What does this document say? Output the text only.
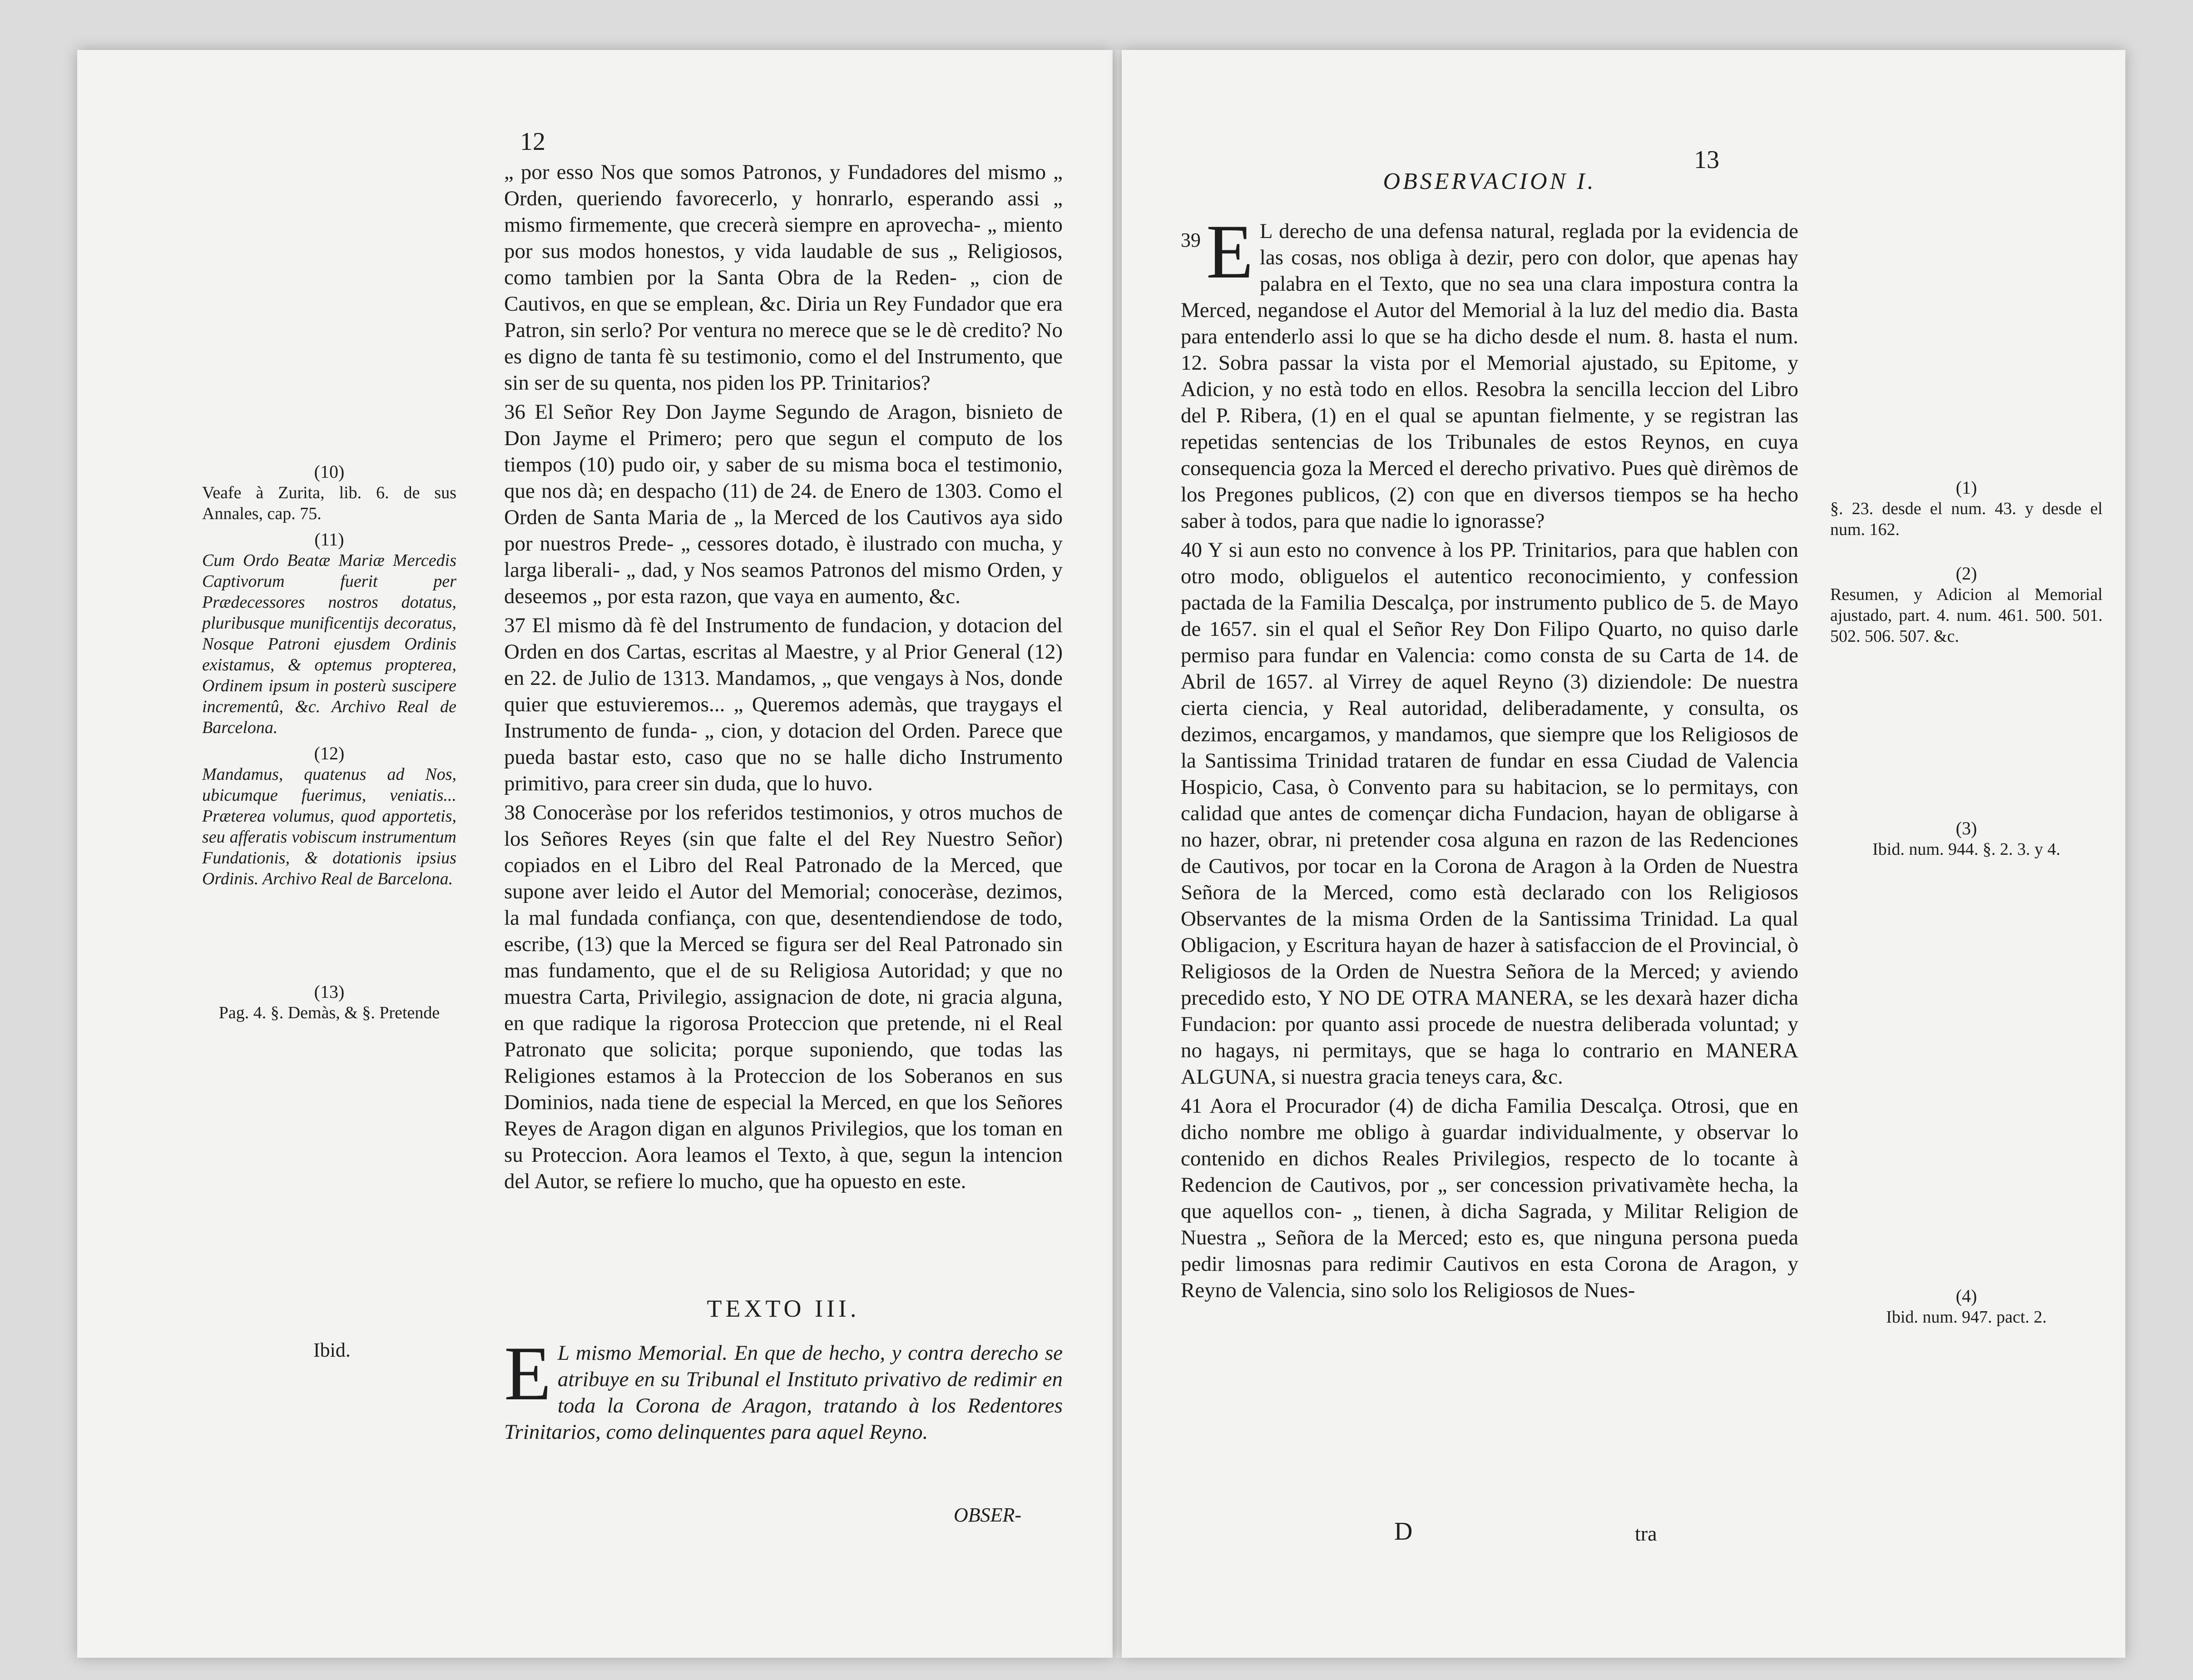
12
(10)
Veafe à Zurita, lib. 6. de sus Annales, cap. 75.
(11)
Cum Ordo Beatæ Mariæ Mercedis Captivorum fuerit per Prædecessores nostros dotatus, pluribusque munificentijs decoratus, Nosque Patroni ejusdem Ordinis existamus, & optemus propterea, Ordinem ipsum in posterù suscipere incrementû, &c. Archivo Real de Barcelona.
(12)
Mandamus, quatenus ad Nos, ubicumque fuerimus, veniatis... Præterea volumus, quod apportetis, seu afferatis vobiscum instrumentum Fundationis, & dotationis ipsius Ordinis. Archivo Real de Barcelona.
(13)
Pag. 4. §. Demàs, & §. Pretende
Ibid.

„ por esso Nos que somos Patronos, y Fundadores del mismo „ Orden, queriendo favorecerlo, y honrarlo, esperando assi „ mismo firmemente, que crecerà siempre en aprovecha- „ miento por sus modos honestos, y vida laudable de sus „ Religiosos, como tambien por la Santa Obra de la Reden- „ cion de Cautivos, en que se emplean, &c. Diria un Rey Fundador que era Patron, sin serlo? Por ventura no merece que se le dè credito? No es digno de tanta fè su testimonio, como el del Instrumento, que sin ser de su quenta, nos piden los PP. Trinitarios?

36 El Señor Rey Don Jayme Segundo de Aragon, bisnieto de Don Jayme el Primero; pero que segun el computo de los tiempos (10) pudo oir, y saber de su misma boca el testimonio, que nos dà; en despacho (11) de 24. de Enero de 1303. Como el Orden de Santa Maria de „ la Merced de los Cautivos aya sido por nuestros Prede- „ cessores dotado, è ilustrado con mucha, y larga liberali- „ dad, y Nos seamos Patronos del mismo Orden, y deseemos „ por esta razon, que vaya en aumento, &c.

37 El mismo dà fè del Instrumento de fundacion, y dotacion del Orden en dos Cartas, escritas al Maestre, y al Prior General (12) en 22. de Julio de 1313. Mandamos, „ que vengays à Nos, donde quier que estuvieremos... „ Queremos ademàs, que traygays el Instrumento de funda- „ cion, y dotacion del Orden. Parece que pueda bastar esto, caso que no se halle dicho Instrumento primitivo, para creer sin duda, que lo huvo.

38 Conoceràse por los referidos testimonios, y otros muchos de los Señores Reyes (sin que falte el del Rey Nuestro Señor) copiados en el Libro del Real Patronado de la Merced, que supone aver leido el Autor del Memorial; conoceràse, dezimos, la mal fundada confiança, con que, desentendiendose de todo, escribe, (13) que la Merced se figura ser del Real Patronado sin mas fundamento, que el de su Religiosa Autoridad; y que no muestra Carta, Privilegio, assignacion de dote, ni gracia alguna, en que radique la rigorosa Proteccion que pretende, ni el Real Patronato que solicita; porque suponiendo, que todas las Religiones estamos à la Proteccion de los Soberanos en sus Dominios, nada tiene de especial la Merced, en que los Señores Reyes de Aragon digan en algunos Privilegios, que los toman en su Proteccion. Aora leamos el Texto, à que, segun la intencion del Autor, se refiere lo mucho, que ha opuesto en este.

TEXTO III.
E L mismo Memorial. En que de hecho, y contra derecho se atribuye en su Tribunal el Instituto privativo de redimir en toda la Corona de Aragon, tratando à los Redentores Trinitarios, como delinquentes para aquel Reyno.
OBSER-
13
OBSERVACION I.

39 E L derecho de una defensa natural, reglada por la evidencia de las cosas, nos obliga à dezir, pero con dolor, que apenas hay palabra en el Texto, que no sea una clara impostura contra la Merced, negandose el Autor del Memorial à la luz del medio dia. Basta para entenderlo assi lo que se ha dicho desde el num. 8. hasta el num. 12. Sobra passar la vista por el Memorial ajustado, su Epitome, y Adicion, y no està todo en ellos. Resobra la sencilla leccion del Libro del P. Ribera, (1) en el qual se apuntan fielmente, y se registran las repetidas sentencias de los Tribunales de estos Reynos, en cuya consequencia goza la Merced el derecho privativo. Pues què dirèmos de los Pregones publicos, (2) con que en diversos tiempos se ha hecho saber à todos, para que nadie lo ignorasse?

40 Y si aun esto no convence à los PP. Trinitarios, para que hablen con otro modo, obliguelos el autentico reconocimiento, y confession pactada de la Familia Descalça, por instrumento publico de 5. de Mayo de 1657. sin el qual el Señor Rey Don Filipo Quarto, no quiso darle permiso para fundar en Valencia: como consta de su Carta de 14. de Abril de 1657. al Virrey de aquel Reyno (3) diziendole: De nuestra cierta ciencia, y Real autoridad, deliberadamente, y consulta, os dezimos, encargamos, y mandamos, que siempre que los Religiosos de la Santissima Trinidad trataren de fundar en essa Ciudad de Valencia Hospicio, Casa, ò Convento para su habitacion, se lo permitays, con calidad que antes de començar dicha Fundacion, hayan de obligarse à no hazer, obrar, ni pretender cosa alguna en razon de las Redenciones de Cautivos, por tocar en la Corona de Aragon à la Orden de Nuestra Señora de la Merced, como està declarado con los Religiosos Observantes de la misma Orden de la Santissima Trinidad. La qual Obligacion, y Escritura hayan de hazer à satisfaccion de el Provincial, ò Religiosos de la Orden de Nuestra Señora de la Merced; y aviendo precedido esto, Y NO DE OTRA MANERA, se les dexarà hazer dicha Fundacion: por quanto assi procede de nuestra deliberada voluntad; y no hagays, ni permitays, que se haga lo contrario en MANERA ALGUNA, si nuestra gracia teneys cara, &c.

41 Aora el Procurador (4) de dicha Familia Descalça. Otrosi, que en dicho nombre me obligo à guardar individualmente, y observar lo contenido en dichos Reales Privilegios, respecto de lo tocante à Redencion de Cautivos, por „ ser concession privativamète hecha, la que aquellos con- „ tienen, à dicha Sagrada, y Militar Religion de Nuestra „ Señora de la Merced; esto es, que ninguna persona pueda pedir limosnas para redimir Cautivos en esta Corona de Aragon, y Reyno de Valencia, sino solo los Religiosos de Nues-

D	tra
(1)
§. 23. desde el num. 43. y desde el num. 162.
(2)
Resumen, y Adicion al Memorial ajustado, part. 4. num. 461. 500. 501. 502. 506. 507. &c.
(3)
Ibid. num. 944. §. 2. 3. y 4.
(4)
Ibid. num. 947. pact. 2.
